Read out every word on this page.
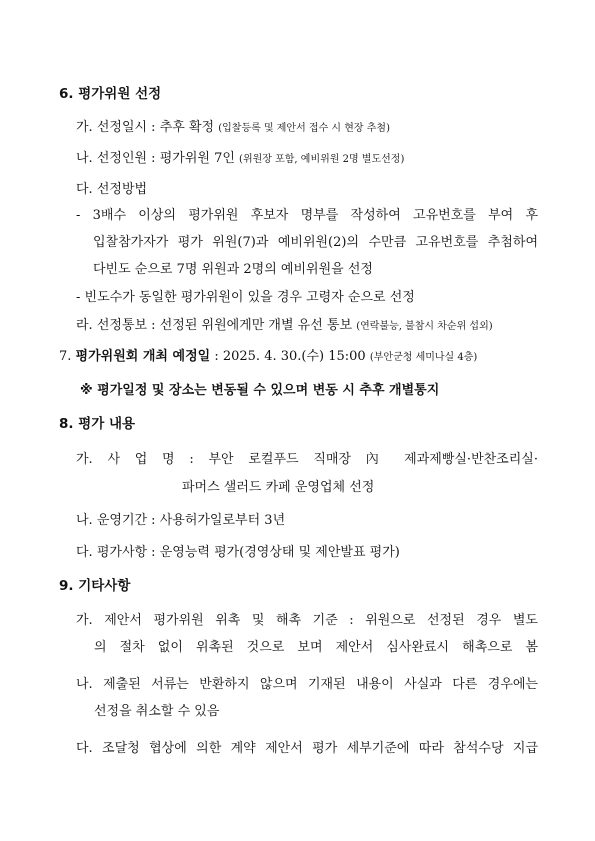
6. 평가위원 선정
가. 선정일시 : 추후 확정 (입찰등록 및 제안서 접수 시 현장 추첨)
나. 선정인원 : 평가위원 7인 (위원장 포함, 예비위원 2명 별도선정)
다. 선정방법
- 3배수 이상의 평가위원 후보자 명부를 작성하여 고유번호를 부여 후
입찰참가자가 평가 위원(7)과 예비위원(2)의 수만큼 고유번호를 추첨하여
다빈도 순으로 7명 위원과 2명의 예비위원을 선정
- 빈도수가 동일한 평가위원이 있을 경우 고령자 순으로 선정
라. 선정통보 : 선정된 위원에게만 개별 유선 통보 (연락불능, 불참시 차순위 섭외)
7. 평가위원회 개최 예정일 : 2025. 4. 30.(수) 15:00 (부안군청 세미나실 4층)
※ 평가일정 및 장소는 변동될 수 있으며 변동 시 추후 개별통지
8. 평가 내용
가. 사 업 명 : 부안 로컬푸드 직매장 內 제과제빵실·반찬조리실·
파머스 샐러드 카페 운영업체 선정
나. 운영기간 : 사용허가일로부터 3년
다. 평가사항 : 운영능력 평가(경영상태 및 제안발표 평가)
9. 기타사항
가. 제안서 평가위원 위촉 및 해촉 기준 : 위원으로 선정된 경우 별도
의 절차 없이 위촉된 것으로 보며 제안서 심사완료시 해촉으로 봄
나. 제출된 서류는 반환하지 않으며 기재된 내용이 사실과 다른 경우에는
선정을 취소할 수 있음
다. 조달청 협상에 의한 계약 제안서 평가 세부기준에 따라 참석수당 지급
